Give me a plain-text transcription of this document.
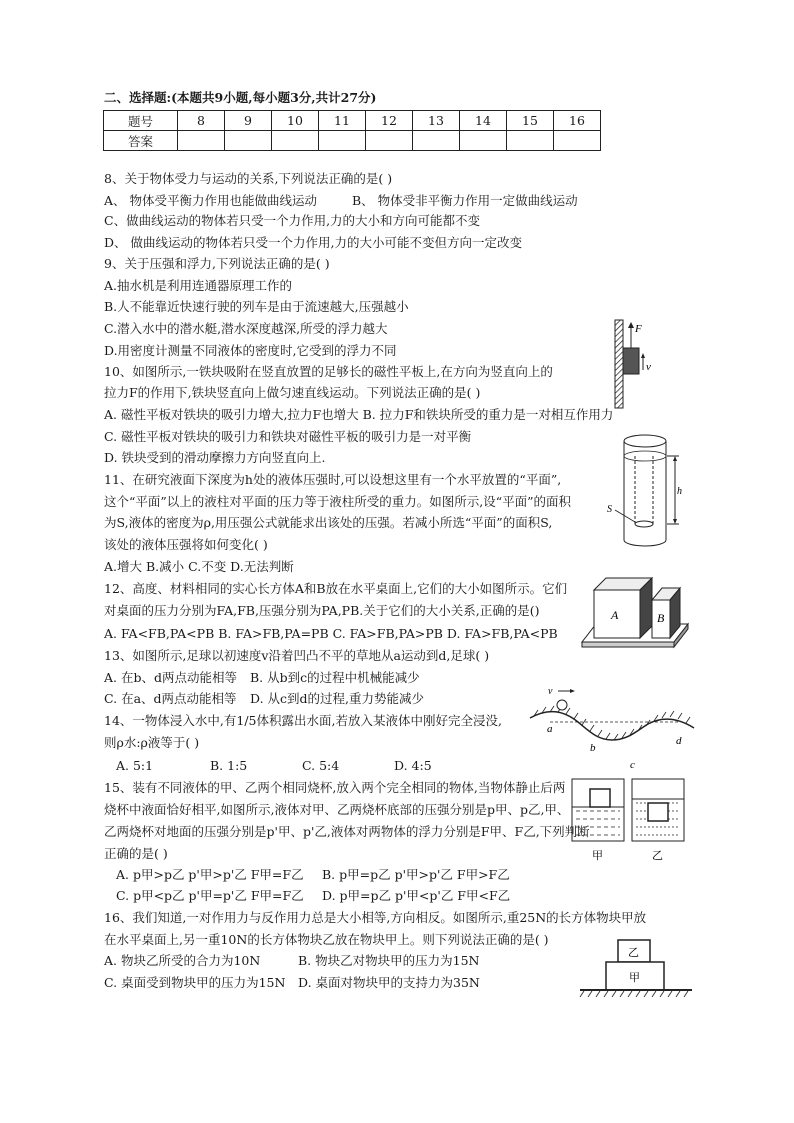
二、选择题:(本题共9小题,每小题3分,共计27分)
题号	8	9	10	11	12	13	14	15	16
答案									
8、关于物体受力与运动的关系,下列说法正确的是( )
A、 物体受平衡力作用也能做曲线运动	B、 物体受非平衡力作用一定做曲线运动
C、做曲线运动的物体若只受一个力作用,力的大小和方向可能都不变
D、 做曲线运动的物体若只受一个力作用,力的大小可能不变但方向一定改变
9、关于压强和浮力,下列说法正确的是( )
A.抽水机是利用连通器原理工作的
B.人不能靠近快速行驶的列车是由于流速越大,压强越小
C.潜入水中的潜水艇,潜水深度越深,所受的浮力越大
D.用密度计测量不同液体的密度时,它受到的浮力不同
F
v
10、如图所示,一铁块吸附在竖直放置的足够长的磁性平板上,在方向为竖直向上的
拉力F的作用下,铁块竖直向上做匀速直线运动。下列说法正确的是( )
A. 磁性平板对铁块的吸引力增大,拉力F也增大 B. 拉力F和铁块所受的重力是一对相互作用力
C. 磁性平板对铁块的吸引力和铁块对磁性平板的吸引力是一对平衡
D. 铁块受到的滑动摩擦力方向竖直向上.
h
S
11、在研究液面下深度为h处的液体压强时,可以设想这里有一个水平放置的“平面”,
这个“平面”以上的液柱对平面的压力等于液柱所受的重力。如图所示,设“平面”的面积
为S,液体的密度为ρ,用压强公式就能求出该处的压强。若减小所选“平面”的面积S,
该处的液体压强将如何变化( )
A.增大 B.减小 C.不变 D.无法判断
A	B
12、高度、材料相同的实心长方体A和B放在水平桌面上,它们的大小如图所示。它们
对桌面的压力分别为FA,FB,压强分别为PA,PB.关于它们的大小关系,正确的是()
A. FA<FB,PA<PB B. FA>FB,PA=PB C. FA>FB,PA>PB D. FA>FB,PA<PB
13、如图所示,足球以初速度v沿着凹凸不平的草地从a运动到d,足球( )
A. 在b、d两点动能相等 B. 从b到c的过程中机械能减少
C. 在a、d两点动能相等 D. 从c到d的过程,重力势能减少	v
a
b
c
d
14、一物体浸入水中,有1/5体积露出水面,若放入某液体中刚好完全浸没,
则ρ水:ρ液等于( )
A. 5:1	B. 1:5	C. 5:4	D. 4:5
甲	乙
15、装有不同液体的甲、乙两个相同烧杯,放入两个完全相同的物体,当物体静止后两
烧杯中液面恰好相平,如图所示,液体对甲、乙两烧杯底部的压强分别是p甲、p乙,甲、
乙两烧杯对地面的压强分别是p'甲、p'乙,液体对两物体的浮力分别是F甲、F乙,下列判断
正确的是( )
A. p甲>p乙 p'甲>p'乙 F甲=F乙 B. p甲=p乙 p'甲>p'乙 F甲>F乙
C. p甲<p乙 p'甲=p'乙 F甲=F乙 D. p甲=p乙 p'甲<p'乙 F甲<F乙
16、我们知道,一对作用力与反作用力总是大小相等,方向相反。如图所示,重25N的长方体物块甲放
在水平桌面上,另一重10N的长方体物块乙放在物块甲上。则下列说法正确的是( )
A. 物块乙所受的合力为10N	B. 物块乙对物块甲的压力为15N
C. 桌面受到物块甲的压力为15N D. 桌面对物块甲的支持力为35N
乙
甲
